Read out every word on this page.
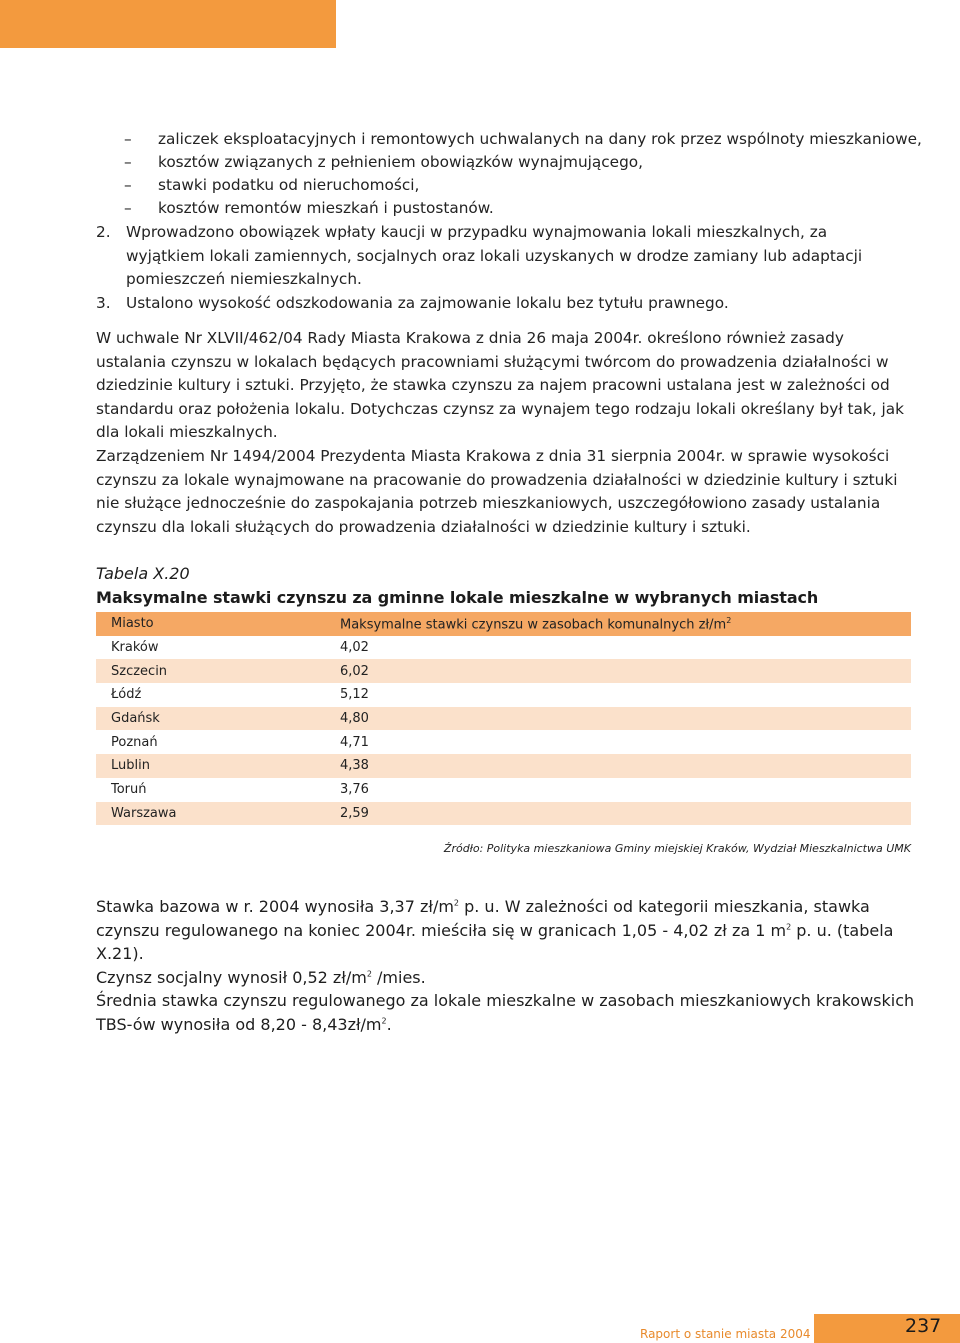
– zaliczek eksploatacyjnych i remontowych uchwalanych na dany rok przez wspólnoty mieszkaniowe,
– kosztów związanych z pełnieniem obowiązków wynajmującego,
– stawki podatku od nieruchomości,
– kosztów remontów mieszkań i pustostanów.
2. Wprowadzono obowiązek wpłaty kaucji w przypadku wynajmowania lokali mieszkalnych, za wyjątkiem lokali zamiennych, socjalnych oraz lokali uzyskanych w drodze zamiany lub adaptacji pomieszczeń niemieszkalnych.
3. Ustalono wysokość odszkodowania za zajmowanie lokalu bez tytułu prawnego.

W uchwale Nr XLVII/462/04 Rady Miasta Krakowa z dnia 26 maja 2004r. określono również zasady ustalania czynszu w lokalach będących pracowniami służącymi twórcom do prowadzenia działalności w dziedzinie kultury i sztuki. Przyjęto, że stawka czynszu za najem pracowni ustalana jest w zależności od standardu oraz położenia lokalu. Dotychczas czynsz za wynajem tego rodzaju lokali określany był tak, jak dla lokali mieszkalnych.

Zarządzeniem Nr 1494/2004 Prezydenta Miasta Krakowa z dnia 31 sierpnia 2004r. w sprawie wysokości czynszu za lokale wynajmowane na pracowanie do prowadzenia działalności w dziedzinie kultury i sztuki nie służące jednocześnie do zaspokajania potrzeb mieszkaniowych, uszczegółowiono zasady ustalania czynszu dla lokali służących do prowadzenia działalności w dziedzinie kultury i sztuki.

Tabela X.20

Maksymalne stawki czynszu za gminne lokale mieszkalne w wybranych miastach

Miasto	Maksymalne stawki czynszu w zasobach komunalnych $zł/m^2$
Kraków	4,02
Szczecin	6,02
Łódź	5,12
Gdańsk	4,80
Poznań	4,71
Lublin	4,38
Toruń	3,76
Warszawa	2,59

Źródło: Polityka mieszkaniowa Gminy miejskiej Kraków, Wydział Mieszkalnictwa UMK

Stawka bazowa w r. 2004 wynosiła 3,37 $zł/m^2$ p. u. W zależności od kategorii mieszkania, stawka czynszu regulowanego na koniec 2004r. mieściła się w granicach 1,05 - 4,02 zł za 1 $m^2$ p. u. (tabela X.21).
Czynsz socjalny wynosił 0,52 $zł/m^2$ /mies.
Średnia stawka czynszu regulowanego za lokale mieszkalne w zasobach mieszkaniowych krakowskich TBS-ów wynosiła od $8,20 - 8,43zł/m^2$.

Raport o stanie miasta 2004	237
